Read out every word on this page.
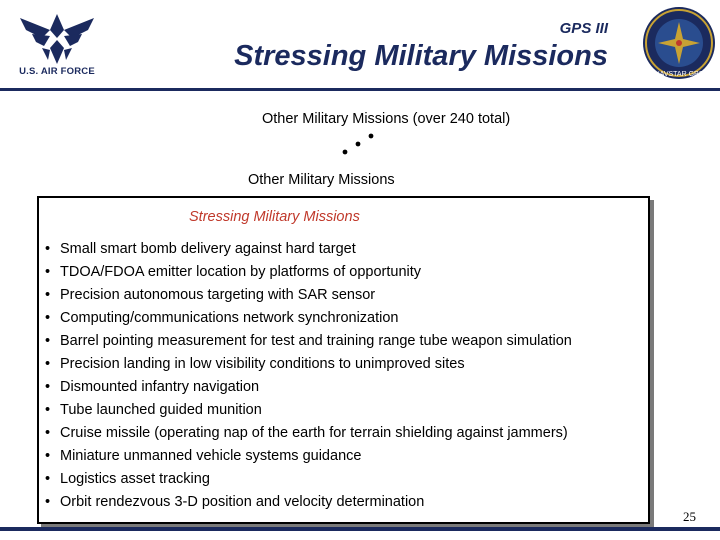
U.S. AIR FORCE
GPS III
Stressing Military Missions
NAVSTAR GPS
Other Military Missions (over 240 total)
Other Military Missions
Stressing Military Missions
• Small smart bomb delivery against hard target
• TDOA/FDOA emitter location by platforms of opportunity
• Precision autonomous targeting with SAR sensor
• Computing/communications network synchronization
• Barrel pointing measurement for test and training range tube weapon simulation
• Precision landing in low visibility conditions to unimproved sites
• Dismounted infantry navigation
• Tube launched guided munition
• Cruise missile (operating nap of the earth for terrain shielding against jammers)
• Miniature unmanned vehicle systems guidance
• Logistics asset tracking
• Orbit rendezvous 3-D position and velocity determination
25
